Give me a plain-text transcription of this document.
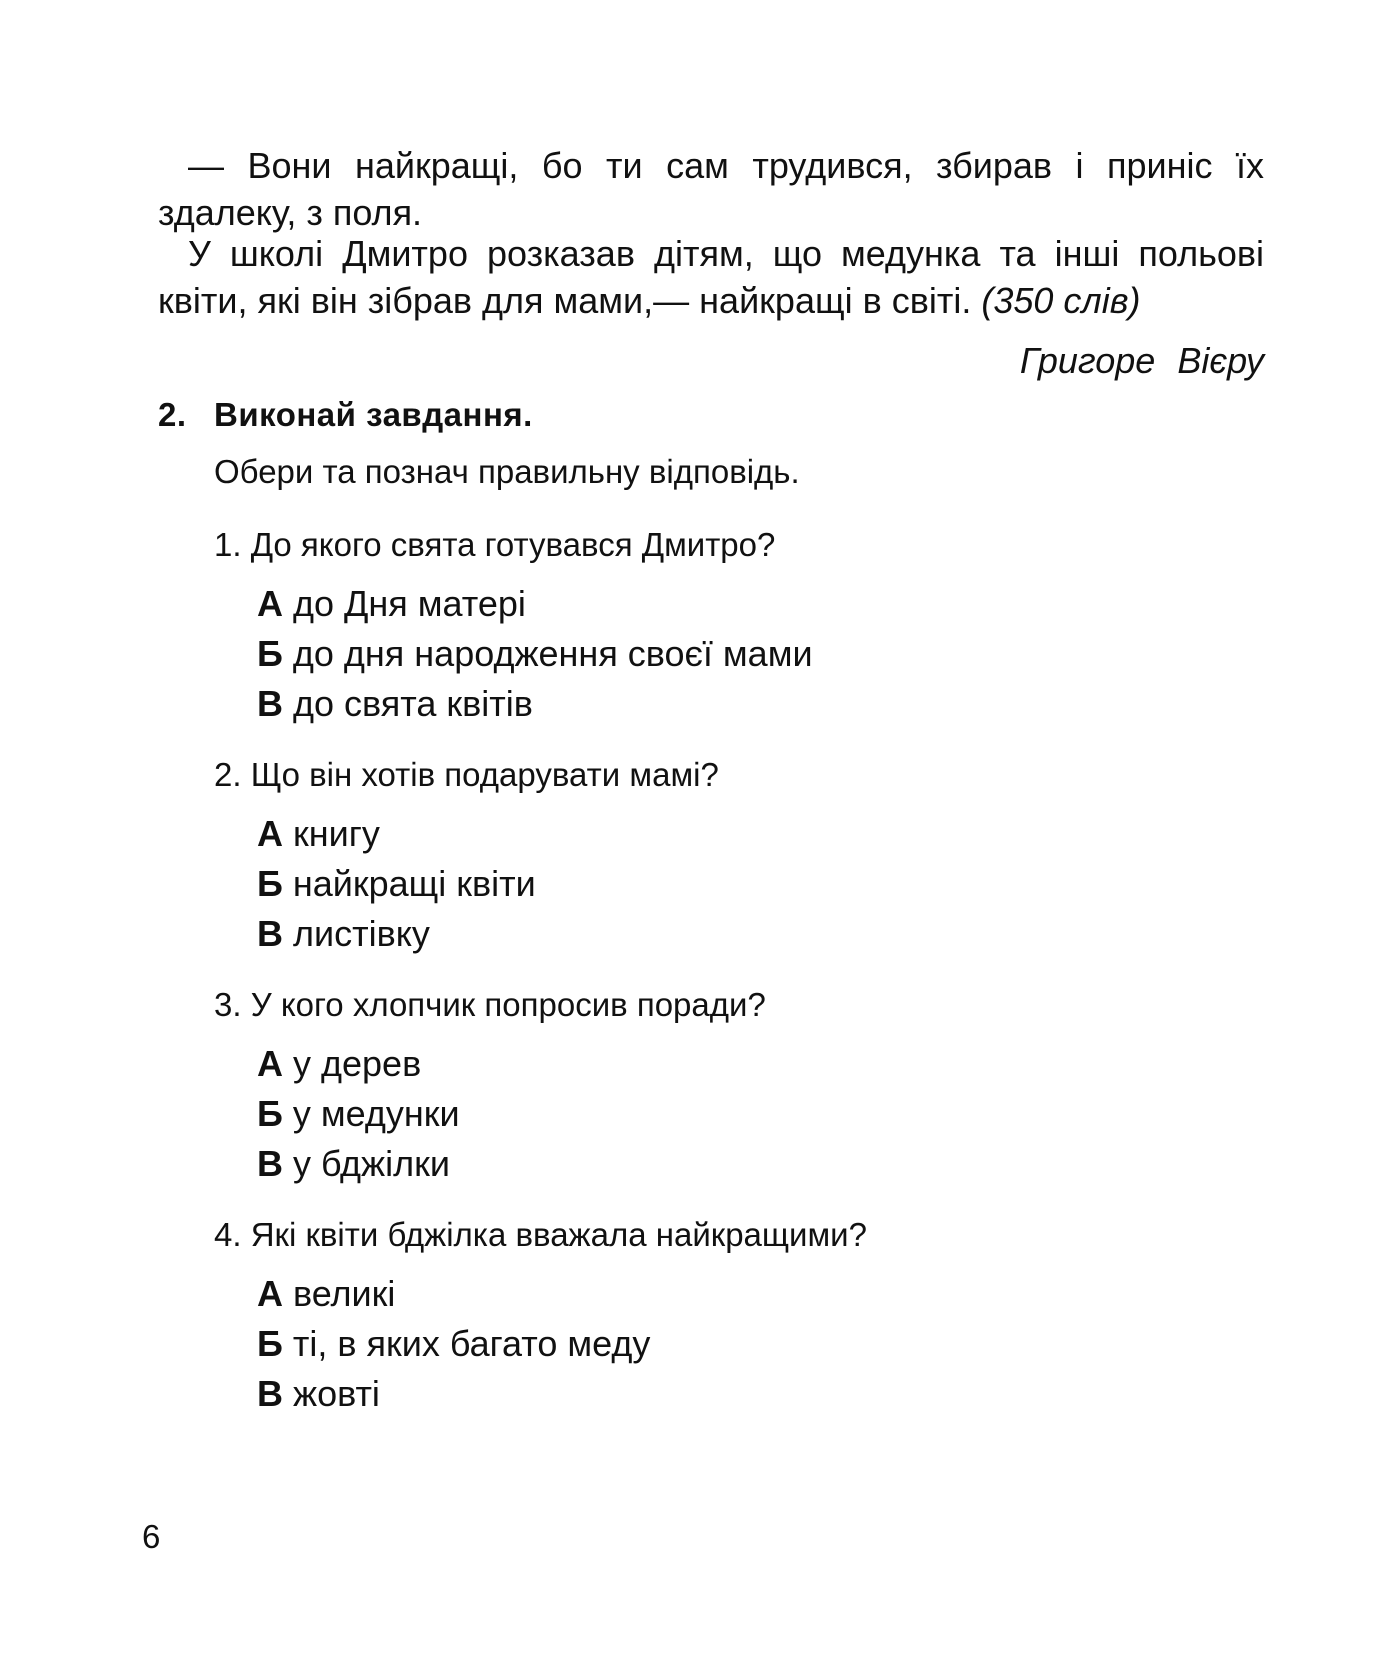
— Вони найкращі, бо ти сам трудився, збирав і приніс їх здалеку, з поля.

У школі Дмитро розказав дітям, що медунка та інші польові квіти, які він зібрав для мами,— найкращі в світі. (350 слів)

Григоре Вієру
2. Виконай завдання.
Обери та познач правильну відповідь.
1. До якого свята готувався Дмитро?
А до Дня матері
Б до дня народження своєї мами
В до свята квітів
2. Що він хотів подарувати мамі?
А книгу
Б найкращі квіти
В листівку
3. У кого хлопчик попросив поради?
А у дерев
Б у медунки
В у бджілки
4. Які квіти бджілка вважала найкращими?
А великі
Б ті, в яких багато меду
В жовті
6
